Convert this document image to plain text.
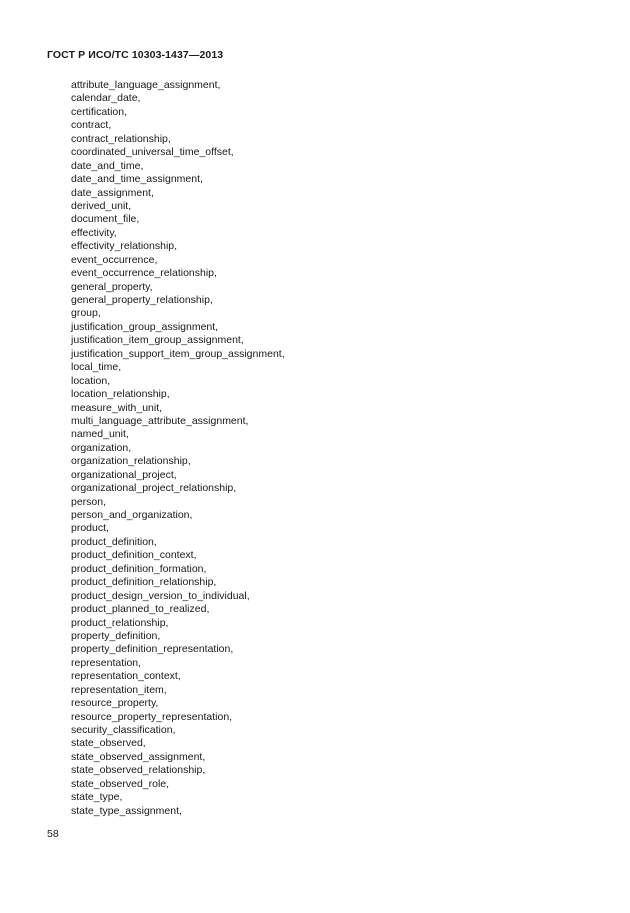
ГОСТ Р ИСО/ТС 10303-1437—2013
attribute_language_assignment,
calendar_date,
certification,
contract,
contract_relationship,
coordinated_universal_time_offset,
date_and_time,
date_and_time_assignment,
date_assignment,
derived_unit,
document_file,
effectivity,
effectivity_relationship,
event_occurrence,
event_occurrence_relationship,
general_property,
general_property_relationship,
group,
justification_group_assignment,
justification_item_group_assignment,
justification_support_item_group_assignment,
local_time,
location,
location_relationship,
measure_with_unit,
multi_language_attribute_assignment,
named_unit,
organization,
organization_relationship,
organizational_project,
organizational_project_relationship,
person,
person_and_organization,
product,
product_definition,
product_definition_context,
product_definition_formation,
product_definition_relationship,
product_design_version_to_individual,
product_planned_to_realized,
product_relationship,
property_definition,
property_definition_representation,
representation,
representation_context,
representation_item,
resource_property,
resource_property_representation,
security_classification,
state_observed,
state_observed_assignment,
state_observed_relationship,
state_observed_role,
state_type,
state_type_assignment,
58
